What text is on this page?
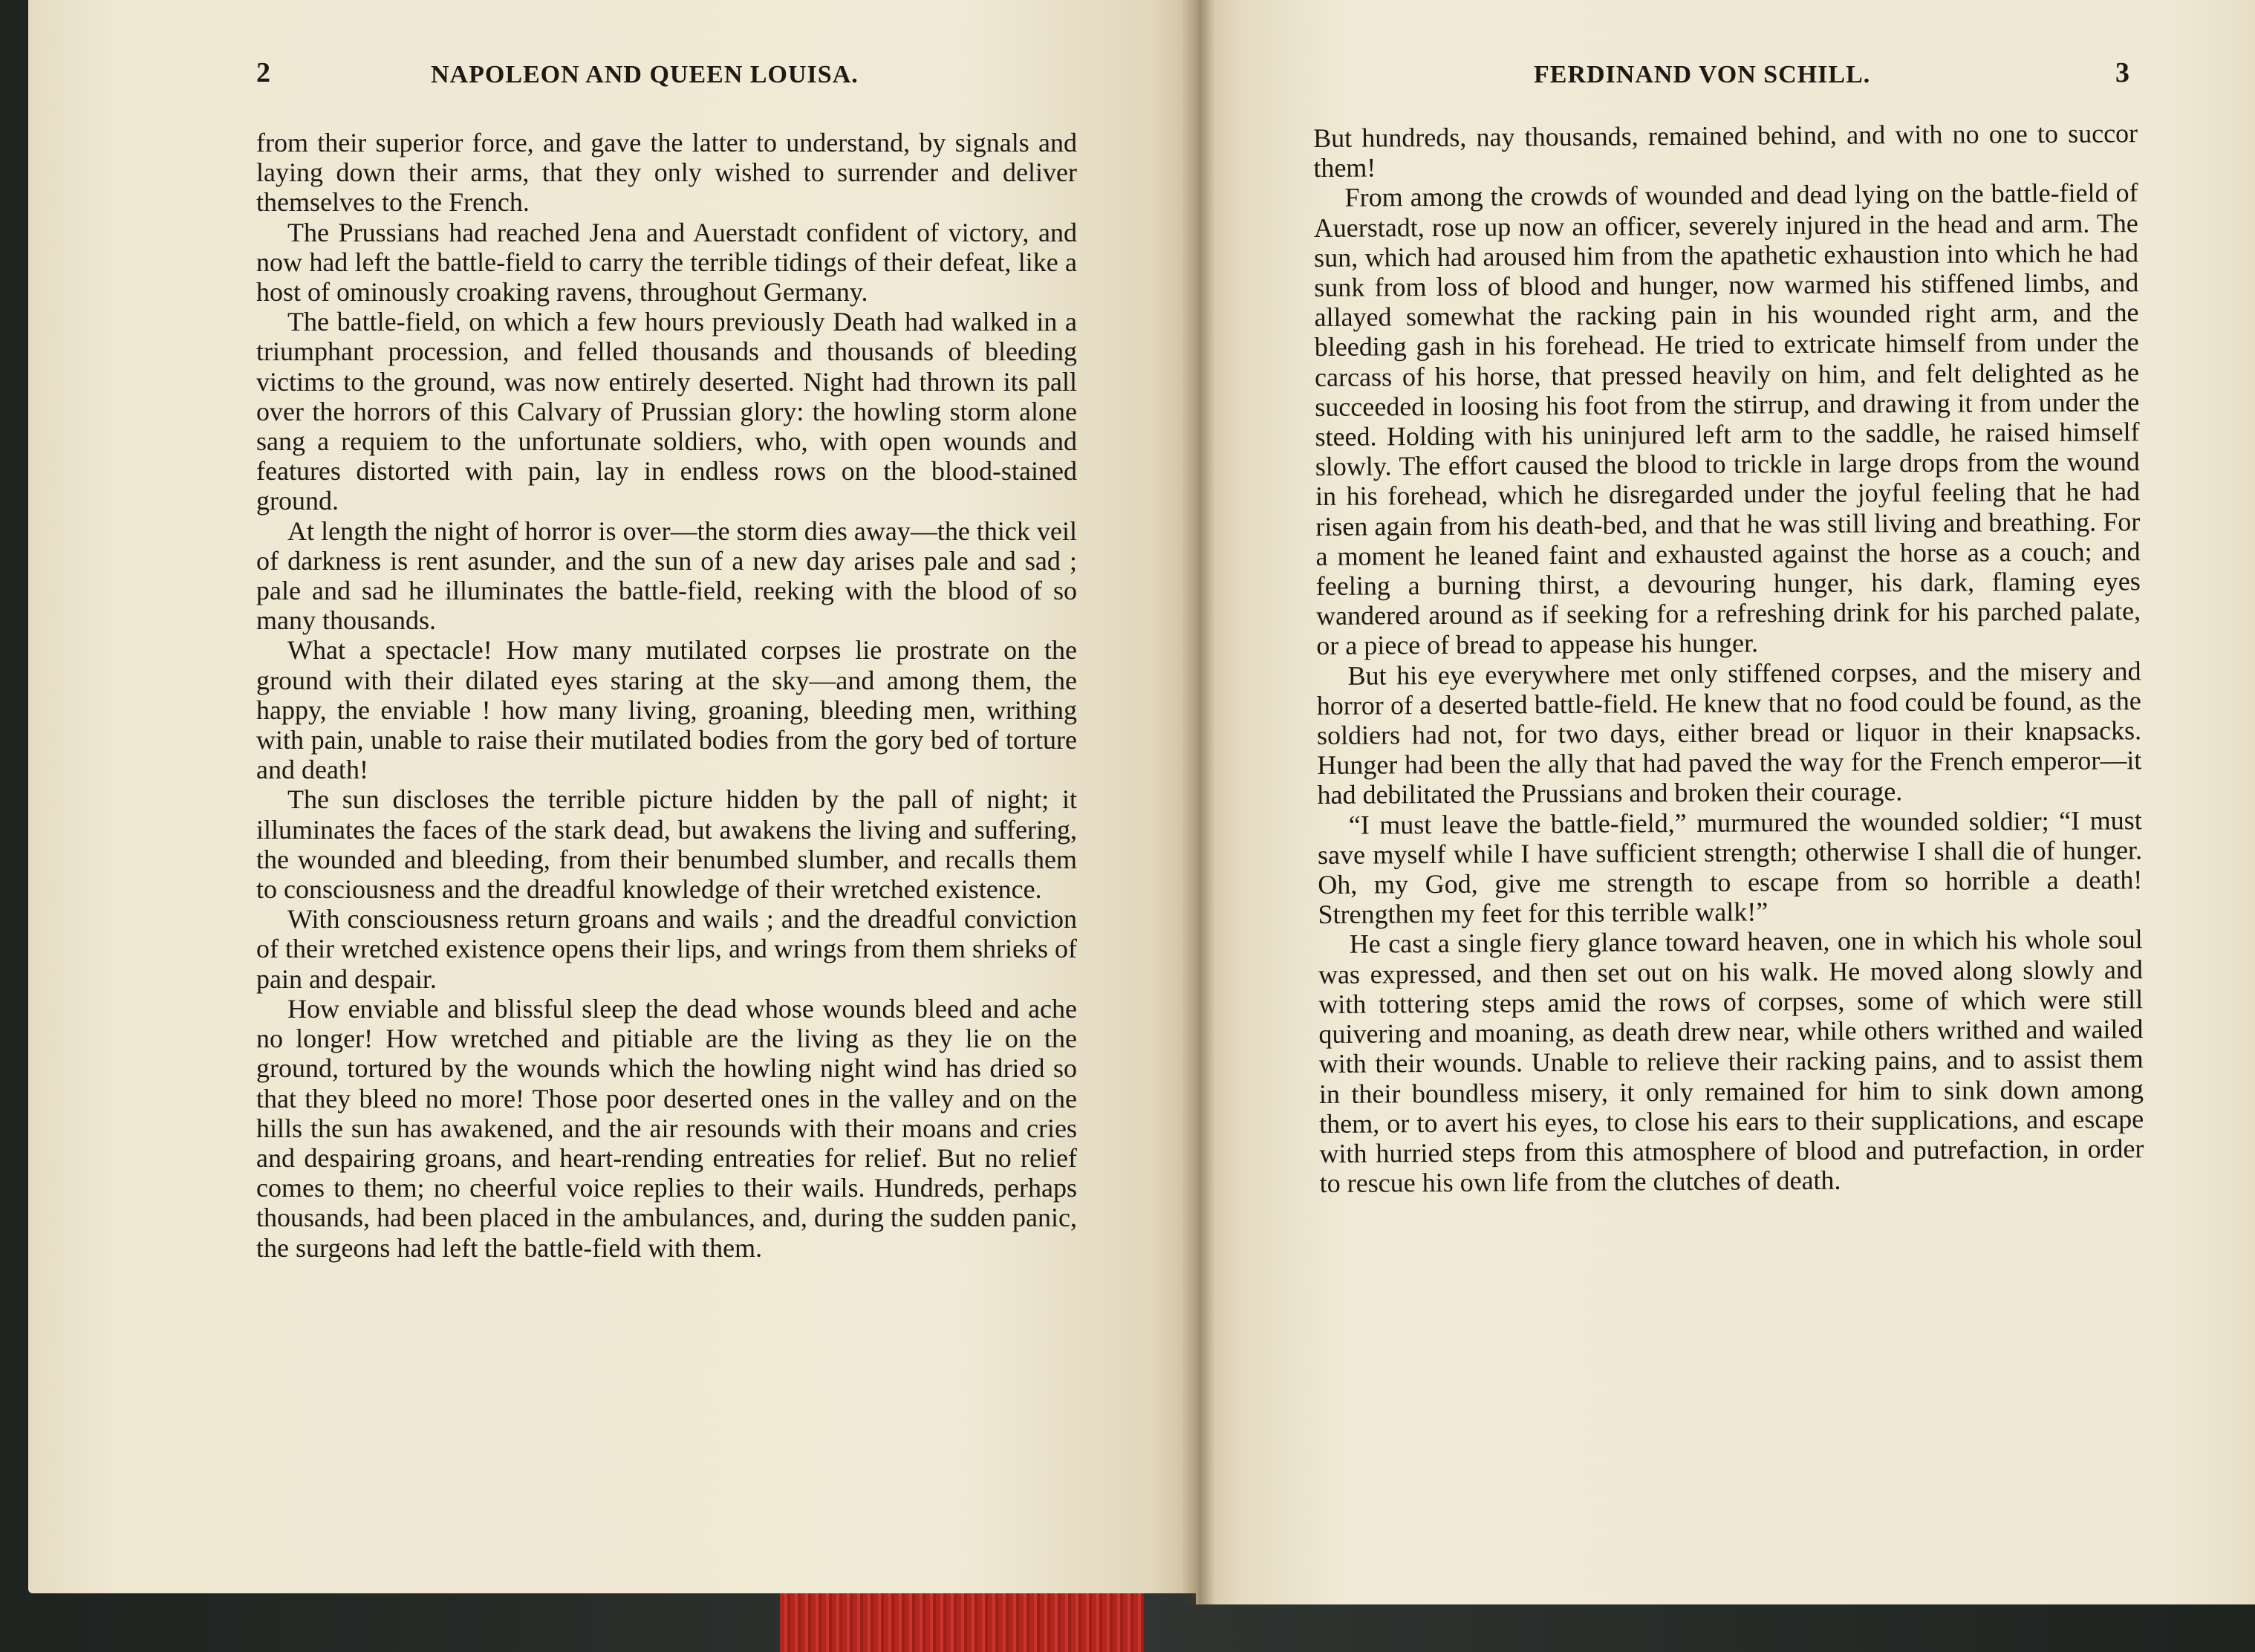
2	NAPOLEON AND QUEEN LOUISA.	FERDINAND VON SCHILL.	3

from their superior force, and gave the latter to understand, by signals and laying down their arms, that they only wished to surrender and deliver themselves to the French.

The Prussians had reached Jena and Auerstadt confident of victory, and now had left the battle-field to carry the terrible tidings of their defeat, like a host of ominously croaking ravens, throughout Germany.

The battle-field, on which a few hours previously Death had walked in a triumphant procession, and felled thousands and thousands of bleeding victims to the ground, was now entirely deserted. Night had thrown its pall over the horrors of this Calvary of Prussian glory: the howling storm alone sang a requiem to the unfortunate soldiers, who, with open wounds and features distorted with pain, lay in endless rows on the blood-stained ground.

At length the night of horror is over—the storm dies away—the thick veil of darkness is rent asunder, and the sun of a new day arises pale and sad ; pale and sad he illuminates the battle-field, reeking with the blood of so many thousands.

What a spectacle! How many mutilated corpses lie prostrate on the ground with their dilated eyes staring at the sky—and among them, the happy, the enviable ! how many living, groaning, bleeding men, writhing with pain, unable to raise their mutilated bodies from the gory bed of torture and death!

The sun discloses the terrible picture hidden by the pall of night; it illuminates the faces of the stark dead, but awakens the living and suffering, the wounded and bleeding, from their benumbed slumber, and recalls them to consciousness and the dreadful knowledge of their wretched existence.

With consciousness return groans and wails ; and the dreadful conviction of their wretched existence opens their lips, and wrings from them shrieks of pain and despair.

How enviable and blissful sleep the dead whose wounds bleed and ache no longer! How wretched and pitiable are the living as they lie on the ground, tortured by the wounds which the howling night wind has dried so that they bleed no more! Those poor deserted ones in the valley and on the hills the sun has awakened, and the air resounds with their moans and cries and despairing groans, and heart-rending entreaties for relief. But no relief comes to them; no cheerful voice replies to their wails. Hundreds, perhaps thousands, had been placed in the ambulances, and, during the sudden panic, the surgeons had left the battle-field with them.

But hundreds, nay thousands, remained behind, and with no one to succor them!

From among the crowds of wounded and dead lying on the battle-field of Auerstadt, rose up now an officer, severely injured in the head and arm. The sun, which had aroused him from the apathetic exhaustion into which he had sunk from loss of blood and hunger, now warmed his stiffened limbs, and allayed somewhat the racking pain in his wounded right arm, and the bleeding gash in his forehead. He tried to extricate himself from under the carcass of his horse, that pressed heavily on him, and felt delighted as he succeeded in loosing his foot from the stirrup, and drawing it from under the steed. Holding with his uninjured left arm to the saddle, he raised himself slowly. The effort caused the blood to trickle in large drops from the wound in his forehead, which he disregarded under the joyful feeling that he had risen again from his death-bed, and that he was still living and breathing. For a moment he leaned faint and exhausted against the horse as a couch; and feeling a burning thirst, a devouring hunger, his dark, flaming eyes wandered around as if seeking for a refreshing drink for his parched palate, or a piece of bread to appease his hunger.

But his eye everywhere met only stiffened corpses, and the misery and horror of a deserted battle-field. He knew that no food could be found, as the soldiers had not, for two days, either bread or liquor in their knapsacks. Hunger had been the ally that had paved the way for the French emperor—it had debilitated the Prussians and broken their courage.

“I must leave the battle-field,” murmured the wounded soldier; “I must save myself while I have sufficient strength; otherwise I shall die of hunger. Oh, my God, give me strength to escape from so horrible a death! Strengthen my feet for this terrible walk!”

He cast a single fiery glance toward heaven, one in which his whole soul was expressed, and then set out on his walk. He moved along slowly and with tottering steps amid the rows of corpses, some of which were still quivering and moaning, as death drew near, while others writhed and wailed with their wounds. Unable to relieve their racking pains, and to assist them in their boundless misery, it only remained for him to sink down among them, or to avert his eyes, to close his ears to their supplications, and escape with hurried steps from this atmosphere of blood and putrefaction, in order to rescue his own life from the clutches of death.
